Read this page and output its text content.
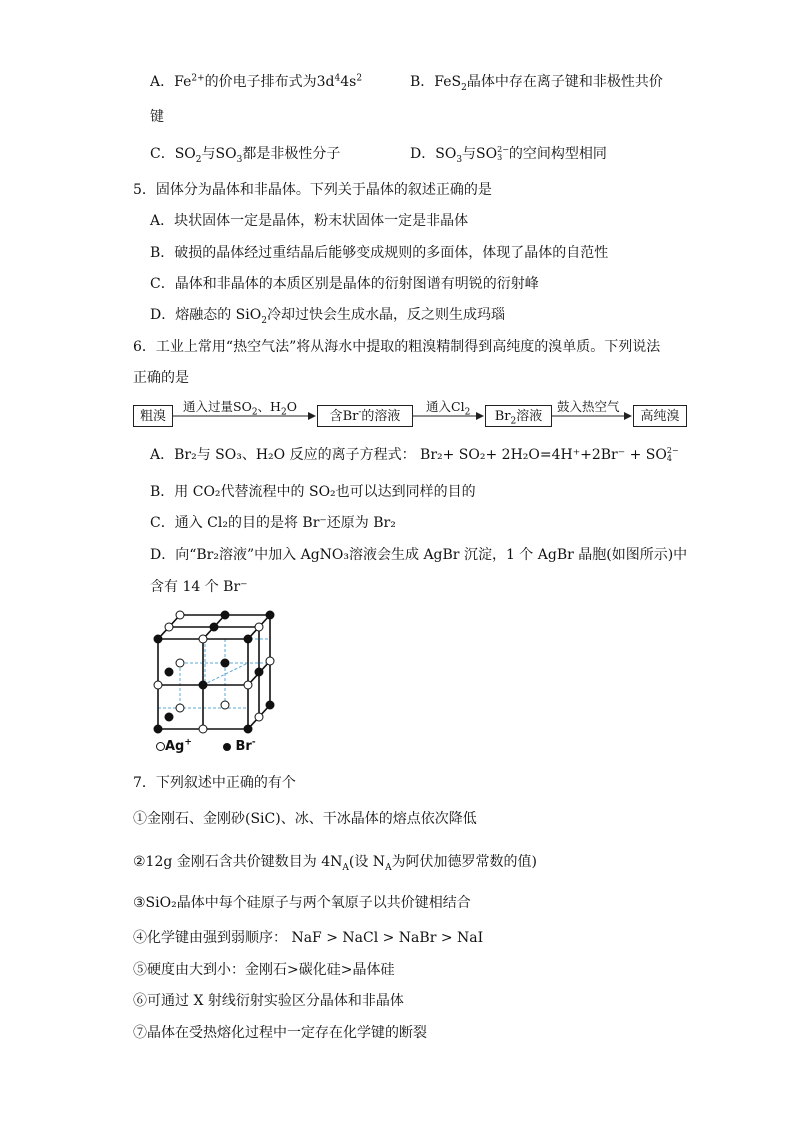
A．$Fe^{2+}$的价电子排布式为$3d^44s^2$	B．FeS$_2$晶体中存在离子键和非极性共价
键
C．$SO_2$与$SO_3$都是非极性分子	D．$SO_3$与SO 2−
3 的空间构型相同
5．固体分为晶体和非晶体。下列关于晶体的叙述正确的是
A．块状固体一定是晶体，粉末状固体一定是非晶体
B．破损的晶体经过重结晶后能够变成规则的多面体，体现了晶体的自范性
C．晶体和非晶体的本质区别是晶体的衍射图谱有明锐的衍射峰
D．熔融态的 SiO$_2$冷却过快会生成水晶，反之则生成玛瑙
6．工业上常用“热空气法”将从海水中提取的粗溴精制得到高纯度的溴单质。下列说法
正确的是
粗溴
通入过量$SO_2$、$H_2O$
含Br-的溶液
通入$Cl_2$	$Br_2$溶液
鼓入热空气
高纯溴
A．Br₂与 SO₃、H₂O 反应的离子方程式： Br₂+ SO₂+ 2H₂O=4H⁺+2Br⁻ + SO 2−
4
B．用 CO₂代替流程中的 SO₂也可以达到同样的目的
C．通入 Cl₂的目的是将 Br⁻还原为 Br₂
D．向“Br₂溶液”中加入 AgNO₃溶液会生成 AgBr 沉淀，1 个 AgBr 晶胞(如图所示)中
含有 14 个 Br⁻
Ag+	Br-
7．下列叙述中正确的有个
①金刚石、金刚砂(SiC)、冰、干冰晶体的熔点依次降低
②12g 金刚石含共价键数目为 $4N_A$(设 $N_A$为阿伏加德罗常数的值)
③SiO₂晶体中每个硅原子与两个氧原子以共价键相结合
④化学键由强到弱顺序： NaF > NaCl > NaBr > NaI
⑤硬度由大到小：金刚石>碳化硅>晶体硅
⑥可通过 X 射线衍射实验区分晶体和非晶体
⑦晶体在受热熔化过程中一定存在化学键的断裂
